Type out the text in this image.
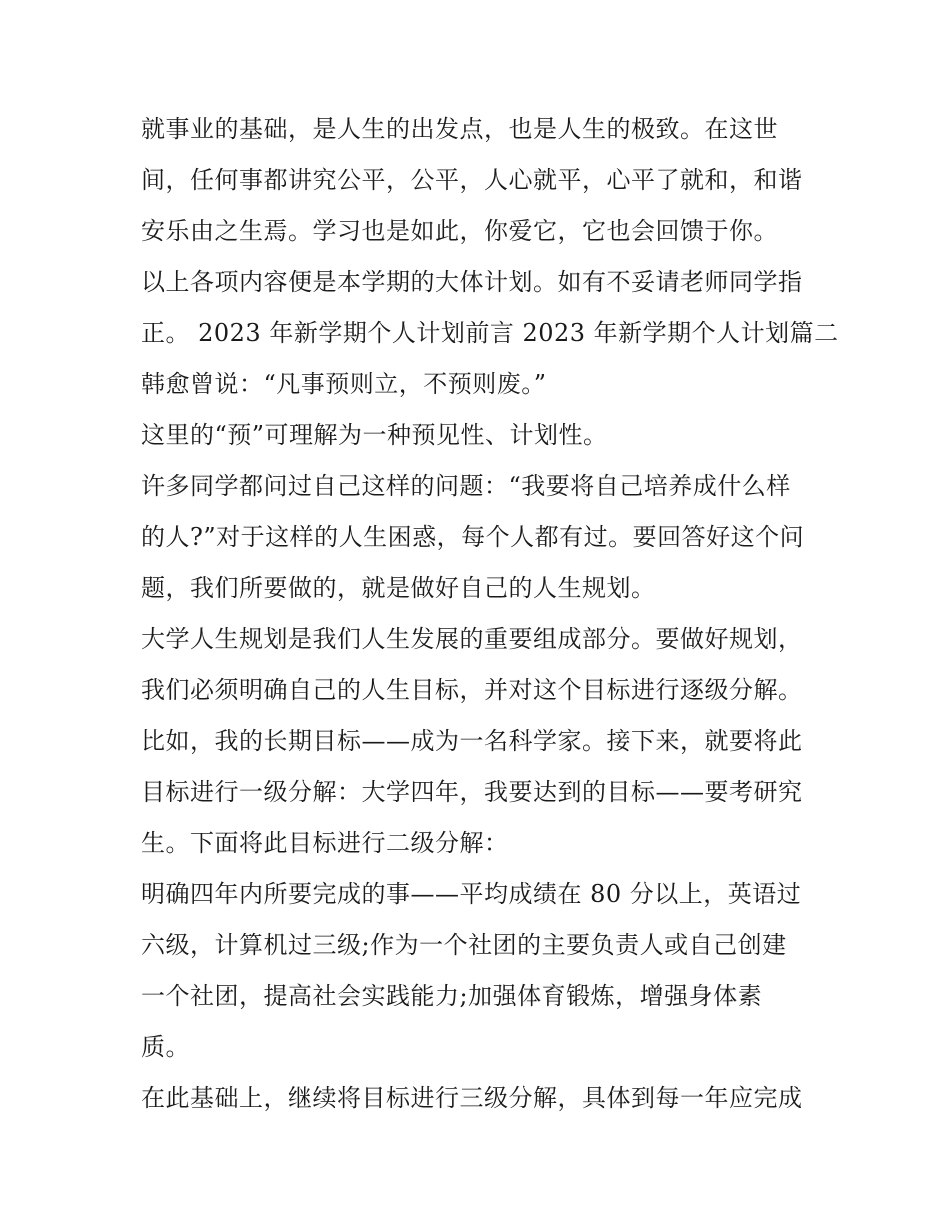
就事业的基础，是人生的出发点，也是人生的极致。在这世
间，任何事都讲究公平，公平，人心就平，心平了就和，和谐
安乐由之生焉。学习也是如此，你爱它，它也会回馈于你。
以上各项内容便是本学期的大体计划。如有不妥请老师同学指
正。 2023 年新学期个人计划前言 2023 年新学期个人计划篇二
韩愈曾说：“凡事预则立，不预则废。”
这里的“预”可理解为一种预见性、计划性。
许多同学都问过自己这样的问题：“我要将自己培养成什么样
的人?”对于这样的人生困惑，每个人都有过。要回答好这个问
题，我们所要做的，就是做好自己的人生规划。
大学人生规划是我们人生发展的重要组成部分。要做好规划，
我们必须明确自己的人生目标，并对这个目标进行逐级分解。
比如，我的长期目标——成为一名科学家。接下来，就要将此
目标进行一级分解：大学四年，我要达到的目标——要考研究
生。下面将此目标进行二级分解：
明确四年内所要完成的事——平均成绩在 80 分以上，英语过
六级，计算机过三级;作为一个社团的主要负责人或自己创建
一个社团，提高社会实践能力;加强体育锻炼，增强身体素
质。
在此基础上，继续将目标进行三级分解，具体到每一年应完成
